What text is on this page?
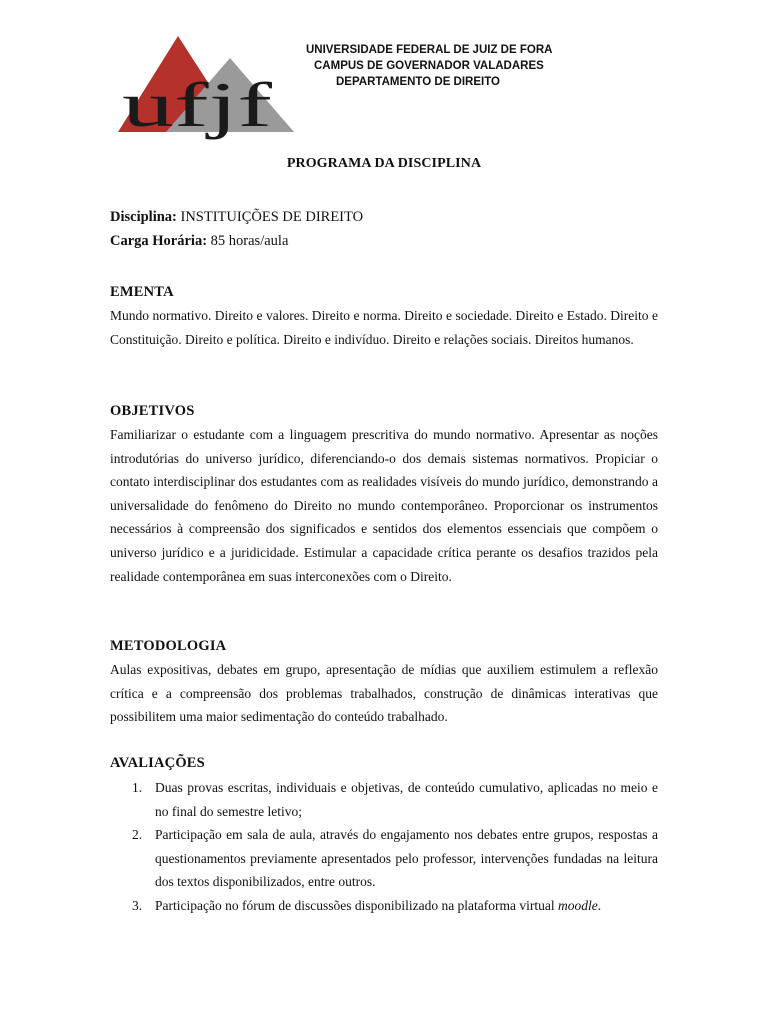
ufjf
UNIVERSIDADE FEDERAL DE JUIZ DE FORA
CAMPUS DE GOVERNADOR VALADARES
DEPARTAMENTO DE DIREITO
PROGRAMA DA DISCIPLINA
Disciplina: INSTITUIÇÕES DE DIREITO
Carga Horária: 85 horas/aula
EMENTA
Mundo normativo. Direito e valores. Direito e norma. Direito e sociedade. Direito e Estado. Direito e Constituição. Direito e política. Direito e indivíduo. Direito e relações sociais. Direitos humanos.
OBJETIVOS
Familiarizar o estudante com a linguagem prescritiva do mundo normativo. Apresentar as noções introdutórias do universo jurídico, diferenciando-o dos demais sistemas normativos. Propiciar o contato interdisciplinar dos estudantes com as realidades visíveis do mundo jurídico, demonstrando a universalidade do fenômeno do Direito no mundo contemporâneo. Proporcionar os instrumentos necessários à compreensão dos significados e sentidos dos elementos essenciais que compõem o universo jurídico e a juridicidade. Estimular a capacidade crítica perante os desafios trazidos pela realidade contemporânea em suas interconexões com o Direito.
METODOLOGIA
Aulas expositivas, debates em grupo, apresentação de mídias que auxiliem estimulem a reflexão crítica e a compreensão dos problemas trabalhados, construção de dinâmicas interativas que possibilitem uma maior sedimentação do conteúdo trabalhado.
AVALIAÇÕES
1. Duas provas escritas, individuais e objetivas, de conteúdo cumulativo, aplicadas no meio e no final do semestre letivo;
2. Participação em sala de aula, através do engajamento nos debates entre grupos, respostas a questionamentos previamente apresentados pelo professor, intervenções fundadas na leitura dos textos disponibilizados, entre outros.
3. Participação no fórum de discussões disponibilizado na plataforma virtual moodle.
